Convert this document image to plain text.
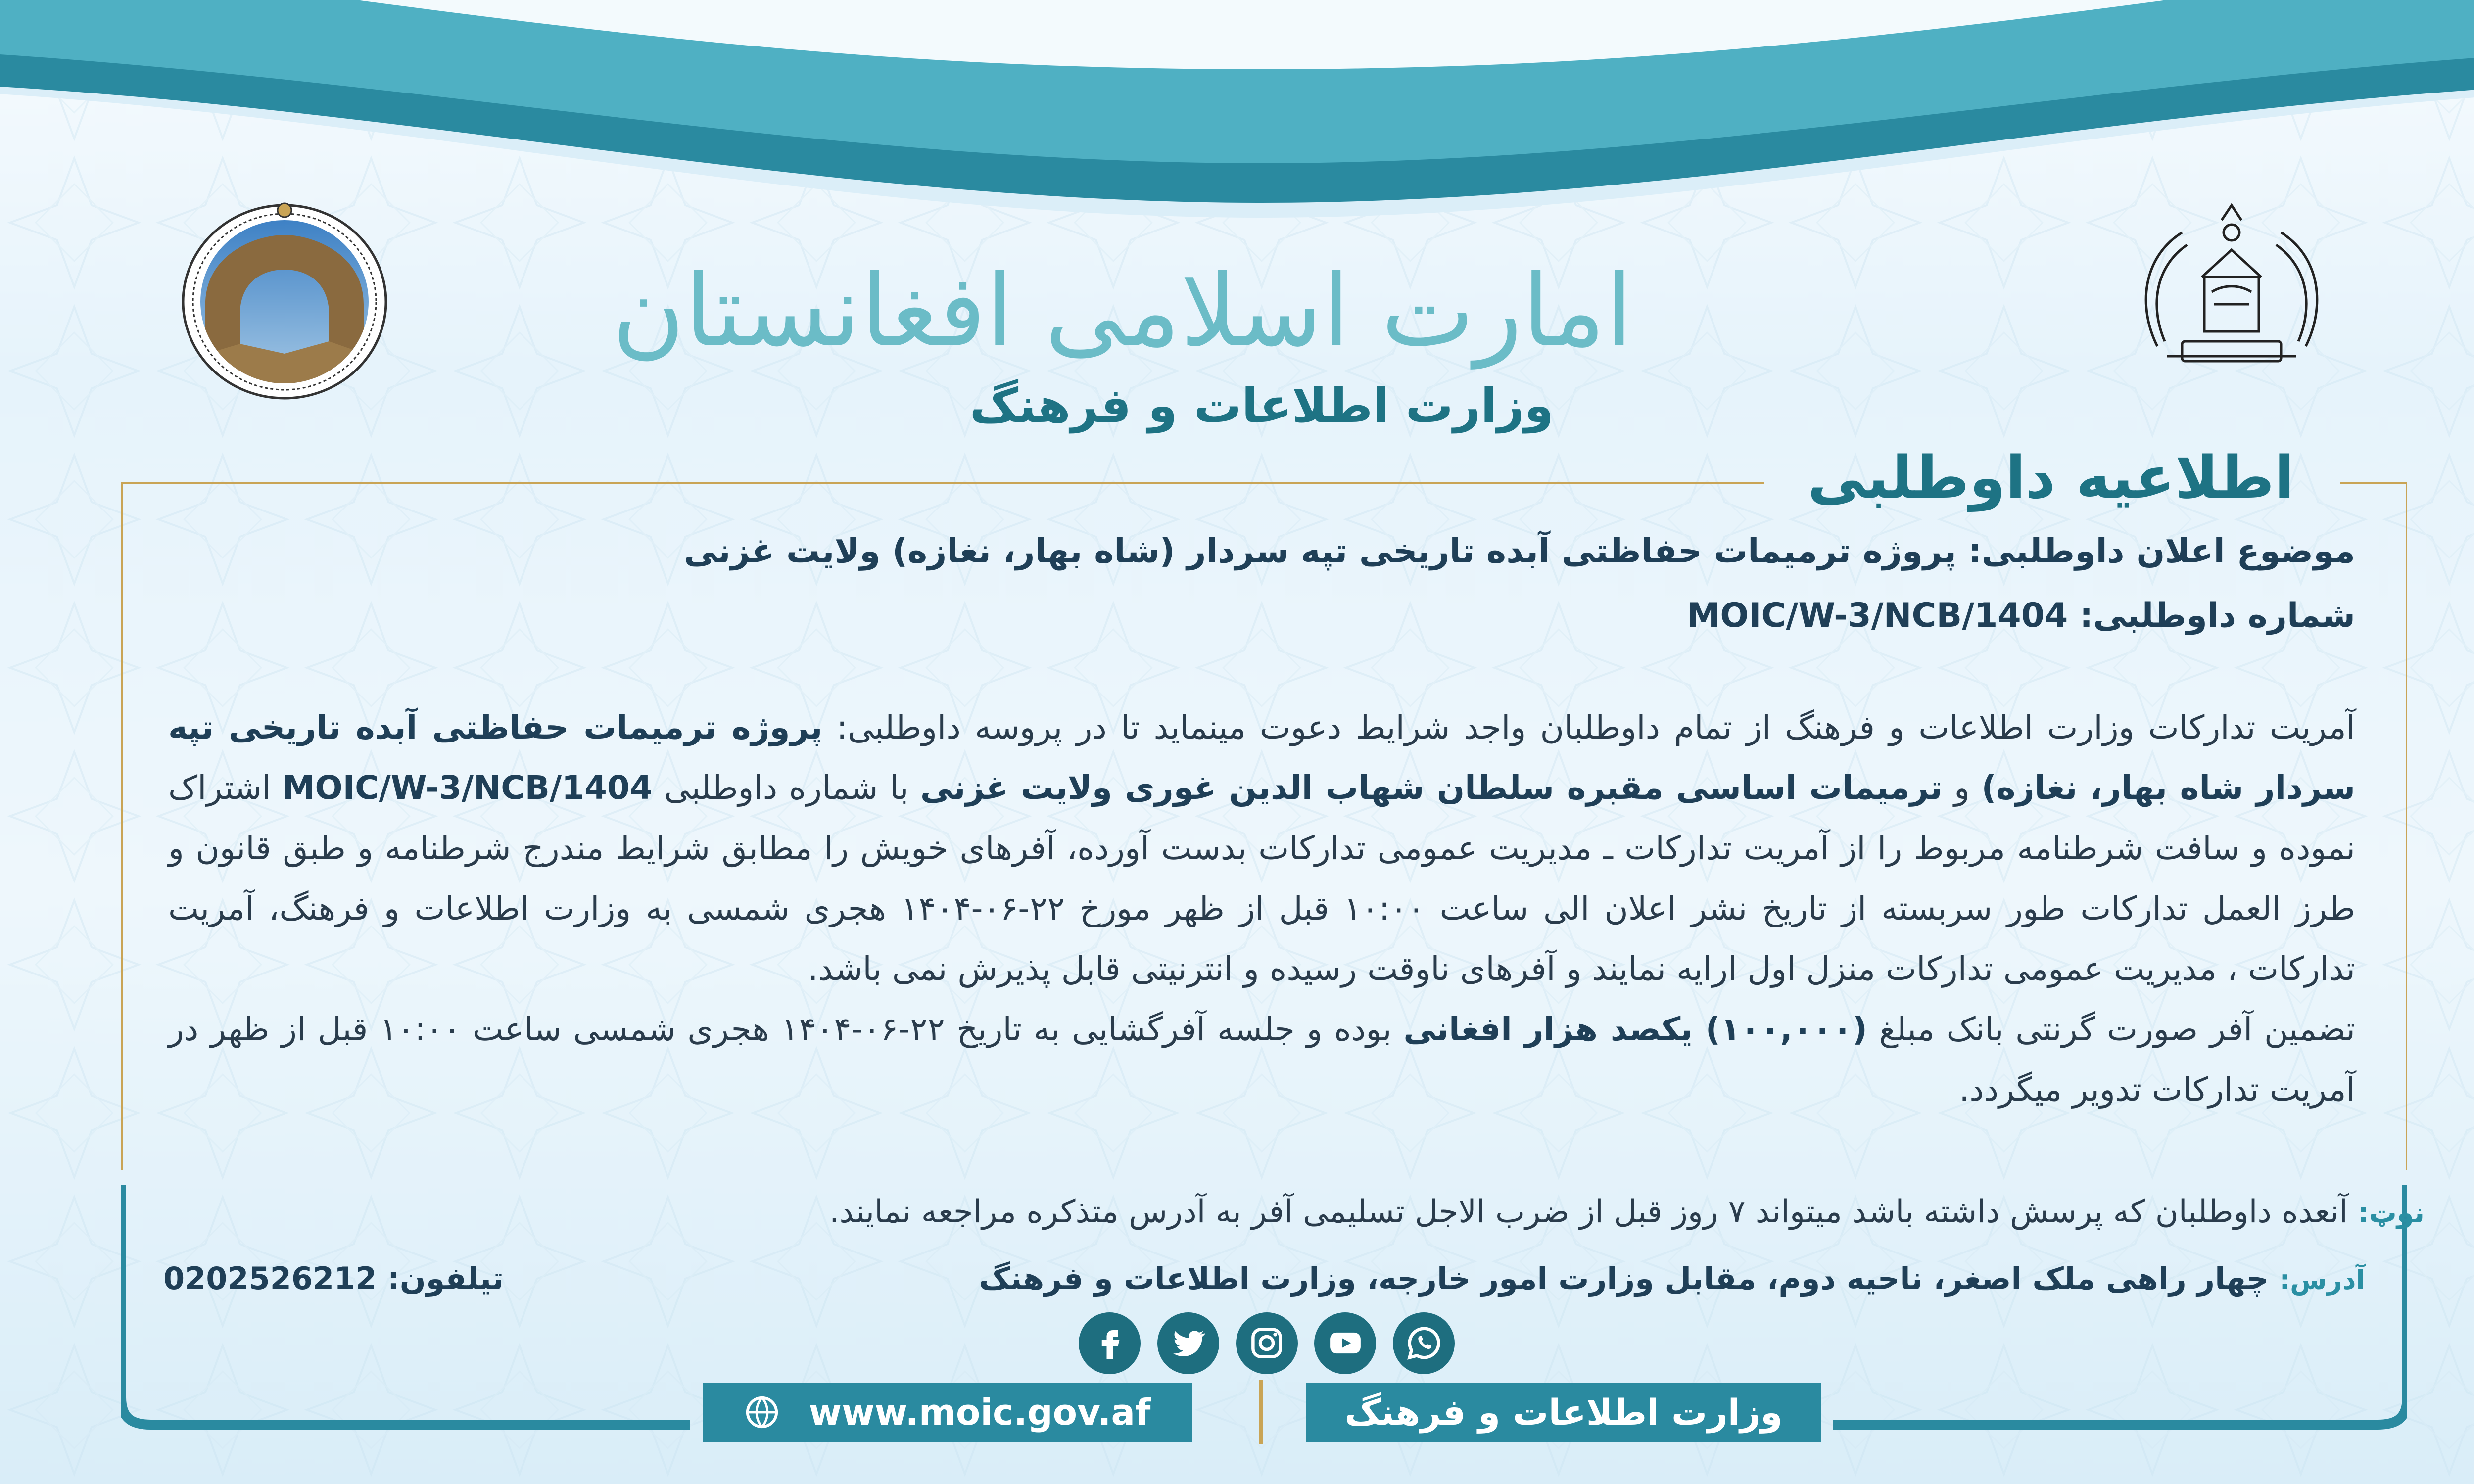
امارت اسلامی افغانستان
وزارت اطلاعات و فرهنگ
اطلاعیه داوطلبی
موضوع اعلان داوطلبی: پروژه ترمیمات حفاظتی آبده تاریخی تپه سردار (شاه بهار، نغازه) ولایت غزنی
شماره داوطلبی: MOIC/W-3/NCB/1404

آمریت تدارکات وزارت اطلاعات و فرهنگ از تمام داوطلبان واجد شرایط دعوت مینماید تا در پروسه داوطلبی: پروژه ترمیمات حفاظتی آبده تاریخی تپه سردار شاه بهار، نغازه) و ترمیمات اساسی مقبره سلطان شهاب الدین غوری ولایت غزنی با شماره داوطلبی MOIC/W-3/NCB/1404 اشتراک نموده و سافت شرطنامه مربوط را از آمریت تدارکات ـ مدیریت عمومی تدارکات بدست آورده، آفرهای خویش را مطابق شرایط مندرج شرطنامه و طبق قانون و طرز العمل تدارکات طور سربسته از تاریخ نشر اعلان الی ساعت ۱۰:۰۰ قبل از ظهر مورخ ۲۲-۰۶-۱۴۰۴ هجری شمسی به وزارت اطلاعات و فرهنگ، آمریت تدارکات ، مدیریت عمومی تدارکات منزل اول ارایه نمایند و آفرهای ناوقت رسیده و انترنیتی قابل پذیرش نمی باشد.
تضمین آفر صورت گرنتی بانک مبلغ (۱۰۰,۰۰۰) یکصد هزار افغانی بوده و جلسه آفرگشایی به تاریخ ۲۲-۰۶-۱۴۰۴ هجری شمسی ساعت ۱۰:۰۰ قبل از ظهر در آمریت تدارکات تدویر میگردد.

نوټ: آنعده داوطلبان که پرسش داشته باشد میتواند ۷ روز قبل از ضرب الاجل تسلیمی آفر به آدرس متذکره مراجعه نمایند.
آدرس: چهار راهی ملک اصغر، ناحیه دوم، مقابل وزارت امور خارجه، وزارت اطلاعات و فرهنگ
تیلفون: 0202526212
www.moic.gov.af	وزارت اطلاعات و فرهنگ
